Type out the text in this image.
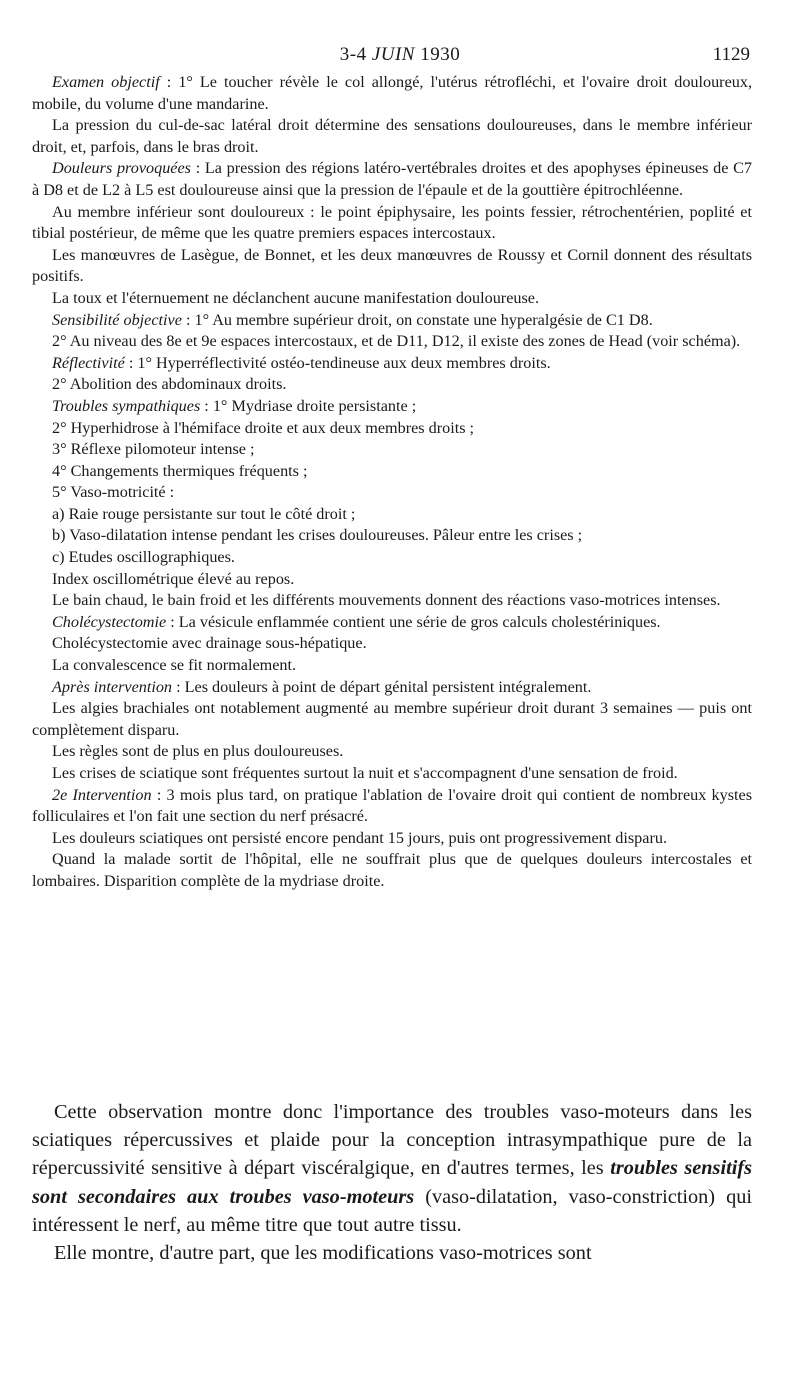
3-4 JUIN 1930	1129

Examen objectif : 1° Le toucher révèle le col allongé, l'utérus rétrofléchi, et l'ovaire droit douloureux, mobile, du volume d'une mandarine.

La pression du cul-de-sac latéral droit détermine des sensations douloureuses, dans le membre inférieur droit, et, parfois, dans le bras droit.

Douleurs provoquées : La pression des régions latéro-vertébrales droites et des apophyses épineuses de C7 à D8 et de L2 à L5 est douloureuse ainsi que la pression de l'épaule et de la gouttière épitrochléenne.

Au membre inférieur sont douloureux : le point épiphysaire, les points fessier, rétrochentérien, poplité et tibial postérieur, de même que les quatre premiers espaces intercostaux.

Les manœuvres de Lasègue, de Bonnet, et les deux manœuvres de Roussy et Cornil donnent des résultats positifs.

La toux et l'éternuement ne déclanchent aucune manifestation douloureuse.

Sensibilité objective : 1° Au membre supérieur droit, on constate une hyperalgésie de C1 D8.

2° Au niveau des 8e et 9e espaces intercostaux, et de D11, D12, il existe des zones de Head (voir schéma).

Réflectivité : 1° Hyperréflectivité ostéo-tendineuse aux deux membres droits.

2° Abolition des abdominaux droits.

Troubles sympathiques : 1° Mydriase droite persistante ;

2° Hyperhidrose à l'hémiface droite et aux deux membres droits ;

3° Réflexe pilomoteur intense ;

4° Changements thermiques fréquents ;

5° Vaso-motricité :

a) Raie rouge persistante sur tout le côté droit ;

b) Vaso-dilatation intense pendant les crises douloureuses. Pâleur entre les crises ;

c) Etudes oscillographiques.

Index oscillométrique élevé au repos.

Le bain chaud, le bain froid et les différents mouvements donnent des réactions vaso-motrices intenses.

Cholécystectomie : La vésicule enflammée contient une série de gros calculs cholestériniques.

Cholécystectomie avec drainage sous-hépatique.

La convalescence se fit normalement.

Après intervention : Les douleurs à point de départ génital persistent intégralement.

Les algies brachiales ont notablement augmenté au membre supérieur droit durant 3 semaines — puis ont complètement disparu.

Les règles sont de plus en plus douloureuses.

Les crises de sciatique sont fréquentes surtout la nuit et s'accompagnent d'une sensation de froid.

2e Intervention : 3 mois plus tard, on pratique l'ablation de l'ovaire droit qui contient de nombreux kystes folliculaires et l'on fait une section du nerf présacré.

Les douleurs sciatiques ont persisté encore pendant 15 jours, puis ont progressivement disparu.

Quand la malade sortit de l'hôpital, elle ne souffrait plus que de quelques douleurs intercostales et lombaires. Disparition complète de la mydriase droite.

Cette observation montre donc l'importance des troubles vaso-moteurs dans les sciatiques répercussives et plaide pour la conception intrasympathique pure de la répercussivité sensitive à départ viscéralgique, en d'autres termes, les troubles sensitifs sont secondaires aux troubes vaso-moteurs (vaso-dilatation, vaso-constriction) qui intéressent le nerf, au même titre que tout autre tissu.

Elle montre, d'autre part, que les modifications vaso-motrices sont
